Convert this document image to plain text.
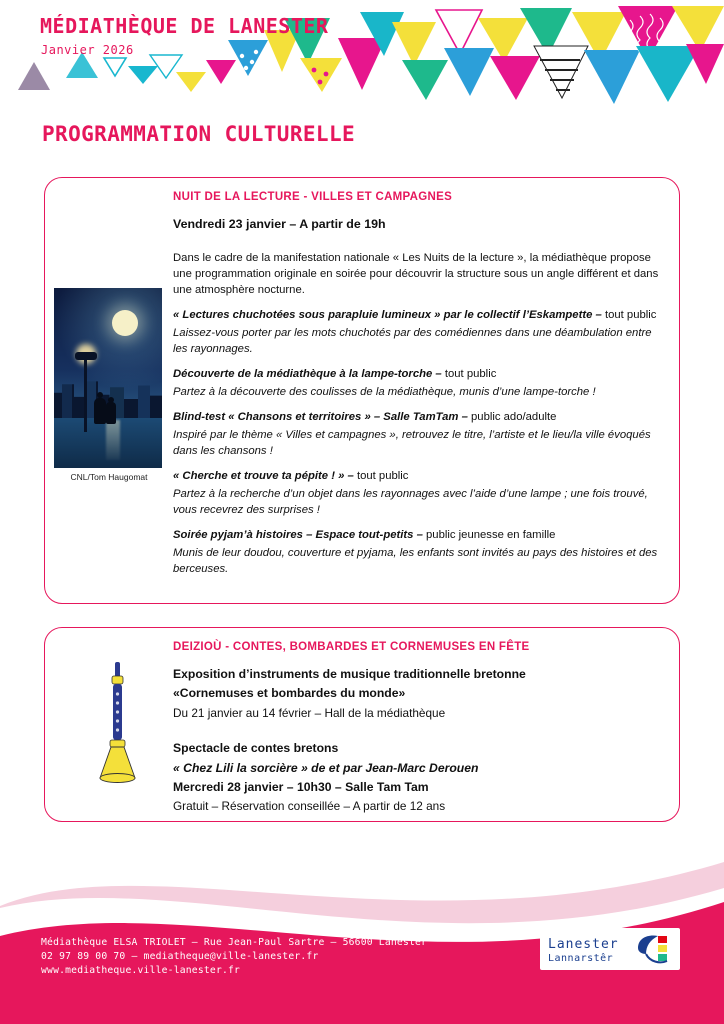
MÉDIATHÈQUE DE LANESTER
Janvier 2026
PROGRAMMATION CULTURELLE
NUIT DE LA LECTURE - VILLES ET CAMPAGNES
CNL/Tom Haugomat
Vendredi 23 janvier – A partir de 19h

Dans le cadre de la manifestation nationale « Les Nuits de la lecture », la médiathèque propose une programmation originale en soirée pour découvrir la structure sous un angle différent et dans une atmosphère nocturne.

« Lectures chuchotées sous parapluie lumineux » par le collectif l’Eskampette – tout public

Laissez-vous porter par les mots chuchotés par des comédiennes dans une déambulation entre les rayonnages.

Découverte de la médiathèque à la lampe-torche – tout public

Partez à la découverte des coulisses de la médiathèque, munis d’une lampe-torche !

Blind-test « Chansons et territoires » – Salle TamTam – public ado/adulte

Inspiré par le thème « Villes et campagnes », retrouvez le titre, l’artiste et le lieu/la ville évoqués dans les chansons !

« Cherche et trouve ta pépite ! » – tout public

Partez à la recherche d’un objet dans les rayonnages avec l’aide d’une lampe ; une fois trouvé, vous recevrez des surprises !

Soirée pyjam’à histoires – Espace tout-petits – public jeunesse en famille

Munis de leur doudou, couverture et pyjama, les enfants sont invités au pays des histoires et des berceuses.

DEIZIOÙ - CONTES, BOMBARDES ET CORNEMUSES EN FÊTE

Exposition d’instruments de musique traditionnelle bretonne

«Cornemuses et bombardes du monde»

Du 21 janvier au 14 février – Hall de la médiathèque

Spectacle de contes bretons

« Chez Lili la sorcière » de et par Jean-Marc Derouen

Mercredi 28 janvier – 10h30 – Salle Tam Tam

Gratuit – Réservation conseillée – A partir de 12 ans

INFORMATIONS ET RÉSERVATIONS
Médiathèque ELSA TRIOLET – Rue Jean-Paul Sartre – 56600 Lanester
02 97 89 00 70 – mediatheque@ville-lanester.fr
www.mediatheque.ville-lanester.fr
Lanester
Lannarstêr
